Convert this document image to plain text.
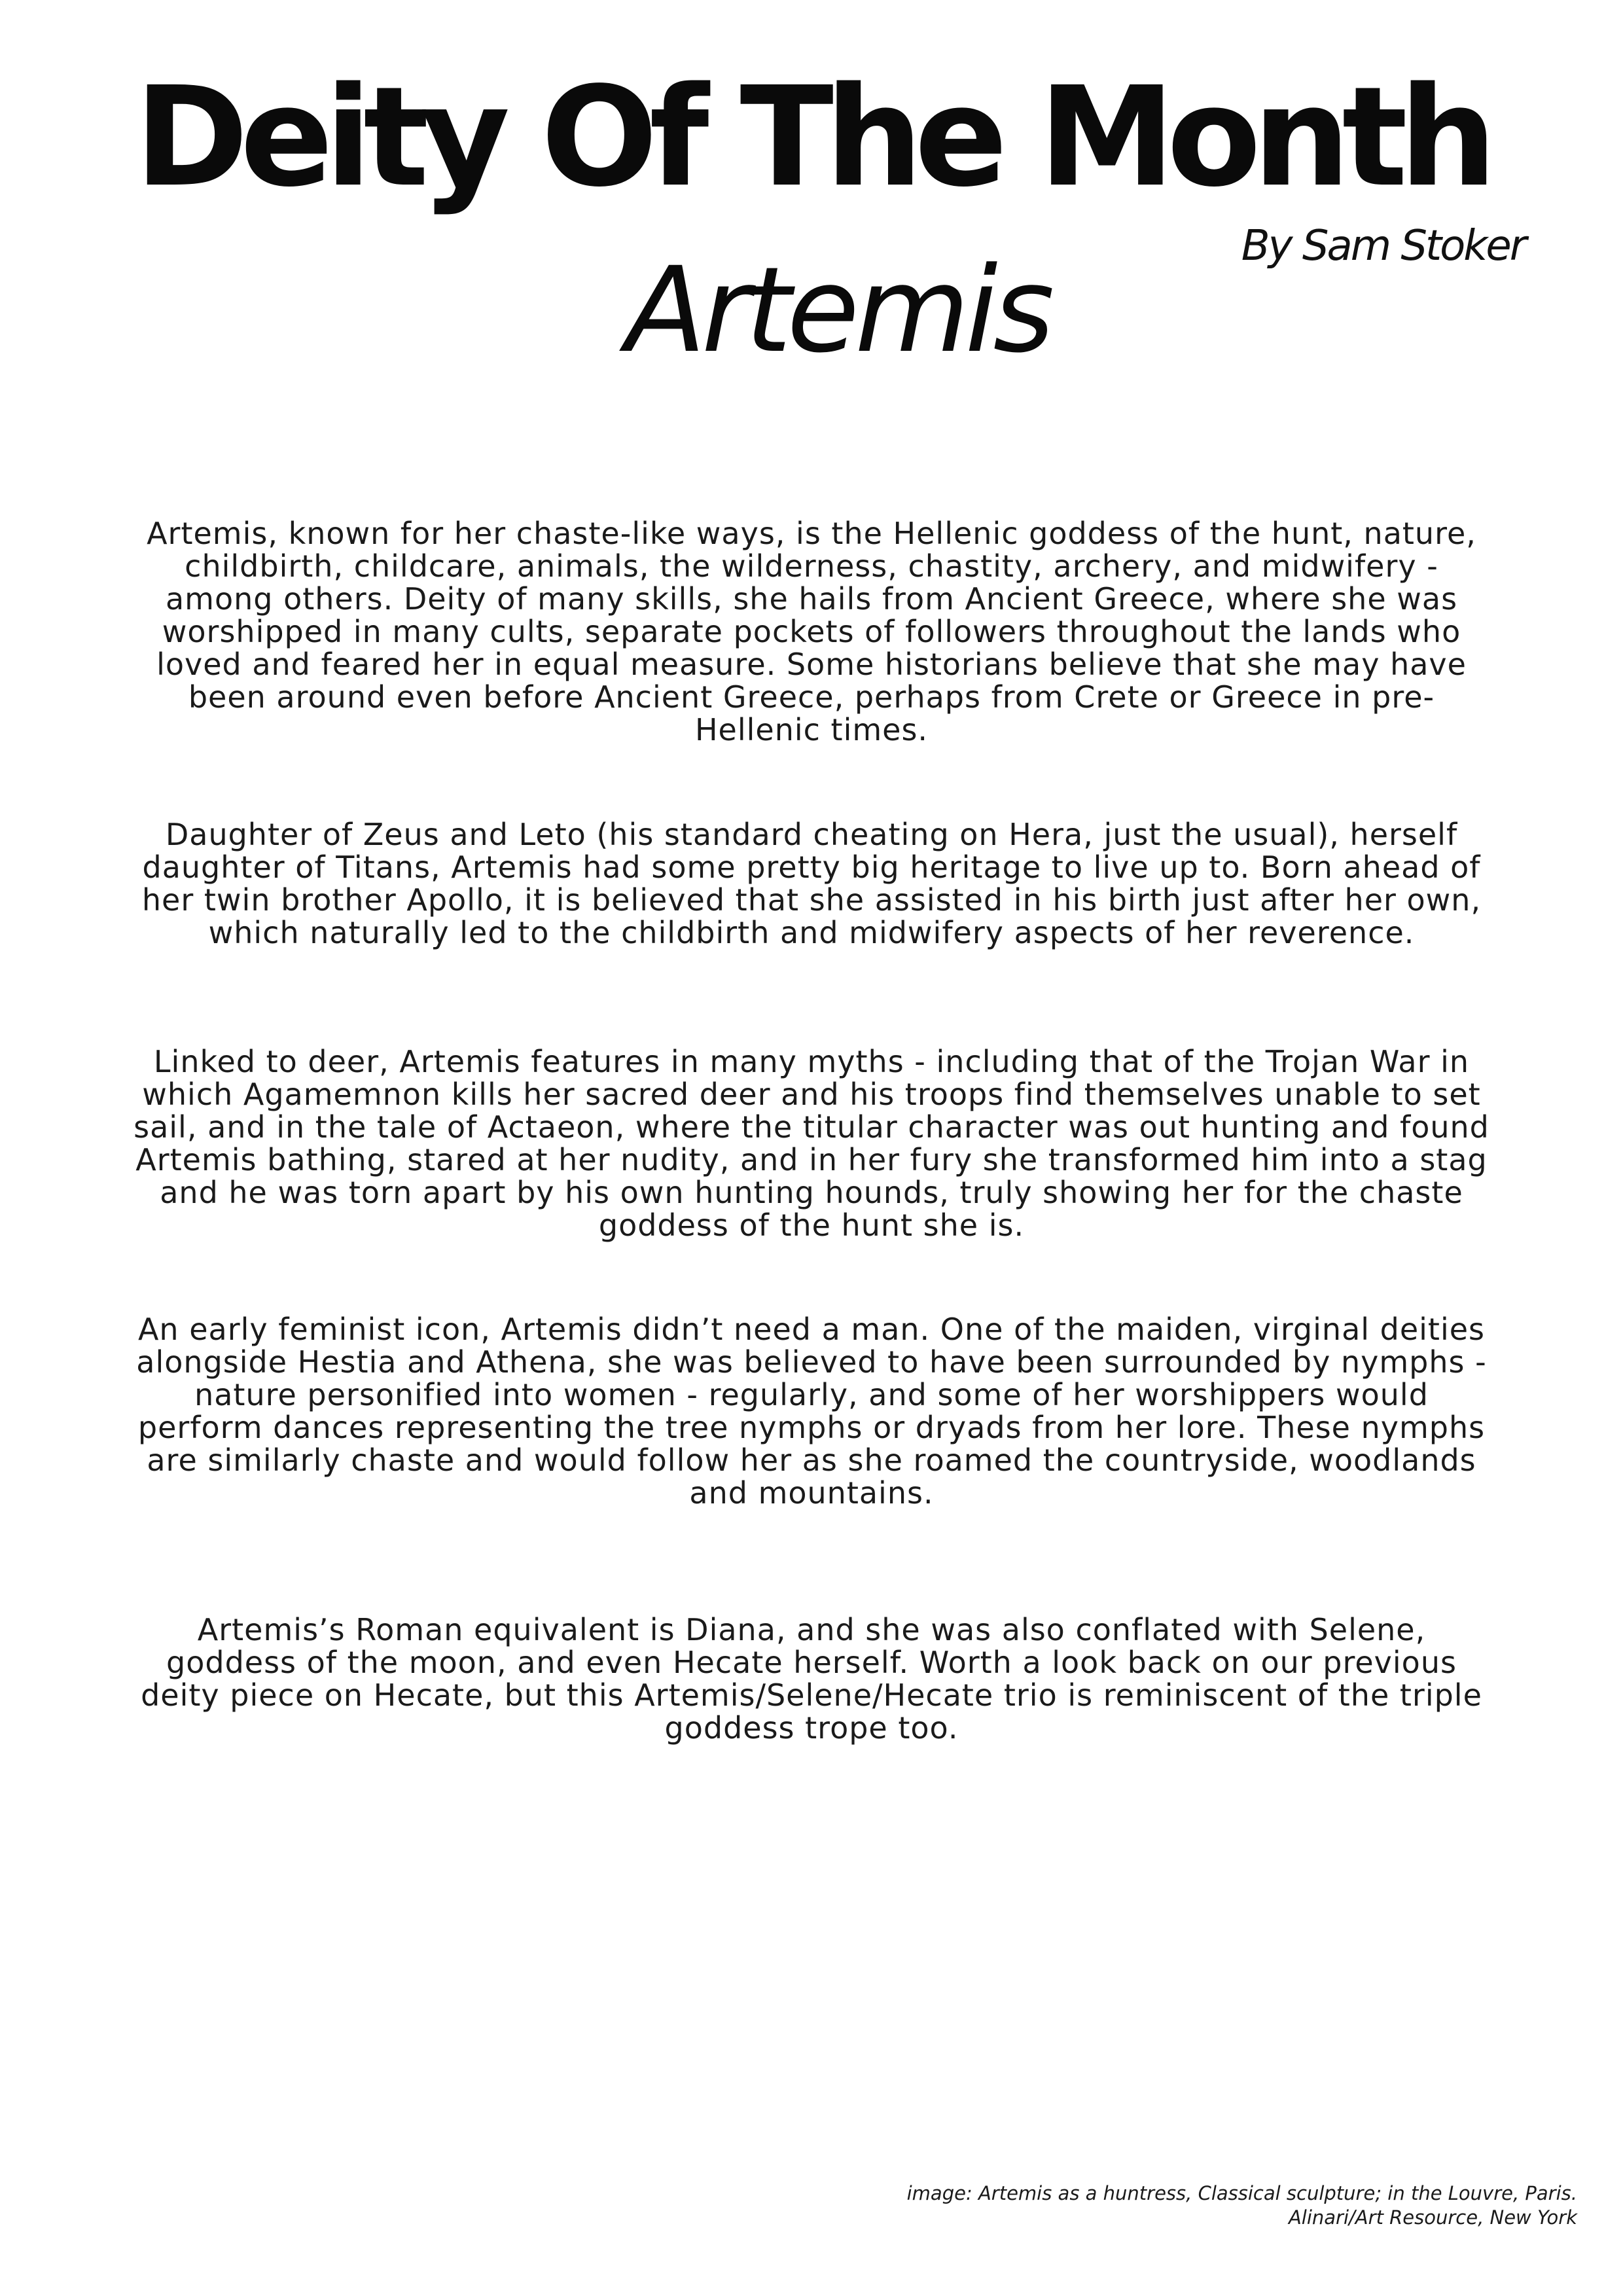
Deity Of The Month
Artemis	By Sam Stoker

Artemis, known for her chaste-like ways, is the Hellenic goddess of the hunt, nature, childbirth, childcare, animals, the wilderness, chastity, archery, and midwifery - among others. Deity of many skills, she hails from Ancient Greece, where she was worshipped in many cults, separate pockets of followers throughout the lands who loved and feared her in equal measure. Some historians believe that she may have been around even before Ancient Greece, perhaps from Crete or Greece in pre-Hellenic times.

Daughter of Zeus and Leto (his standard cheating on Hera, just the usual), herself daughter of Titans, Artemis had some pretty big heritage to live up to. Born ahead of her twin brother Apollo, it is believed that she assisted in his birth just after her own, which naturally led to the childbirth and midwifery aspects of her reverence.

Linked to deer, Artemis features in many myths - including that of the Trojan War in which Agamemnon kills her sacred deer and his troops find themselves unable to set sail, and in the tale of Actaeon, where the titular character was out hunting and found Artemis bathing, stared at her nudity, and in her fury she transformed him into a stag and he was torn apart by his own hunting hounds, truly showing her for the chaste goddess of the hunt she is.

An early feminist icon, Artemis didn’t need a man. One of the maiden, virginal deities alongside Hestia and Athena, she was believed to have been surrounded by nymphs - nature personified into women - regularly, and some of her worshippers would perform dances representing the tree nymphs or dryads from her lore. These nymphs are similarly chaste and would follow her as she roamed the countryside, woodlands and mountains.

Artemis’s Roman equivalent is Diana, and she was also conflated with Selene, goddess of the moon, and even Hecate herself. Worth a look back on our previous deity piece on Hecate, but this Artemis/Selene/Hecate trio is reminiscent of the triple goddess trope too.

image: Artemis as a huntress, Classical sculpture; in the Louvre, Paris.
Alinari/Art Resource, New York
